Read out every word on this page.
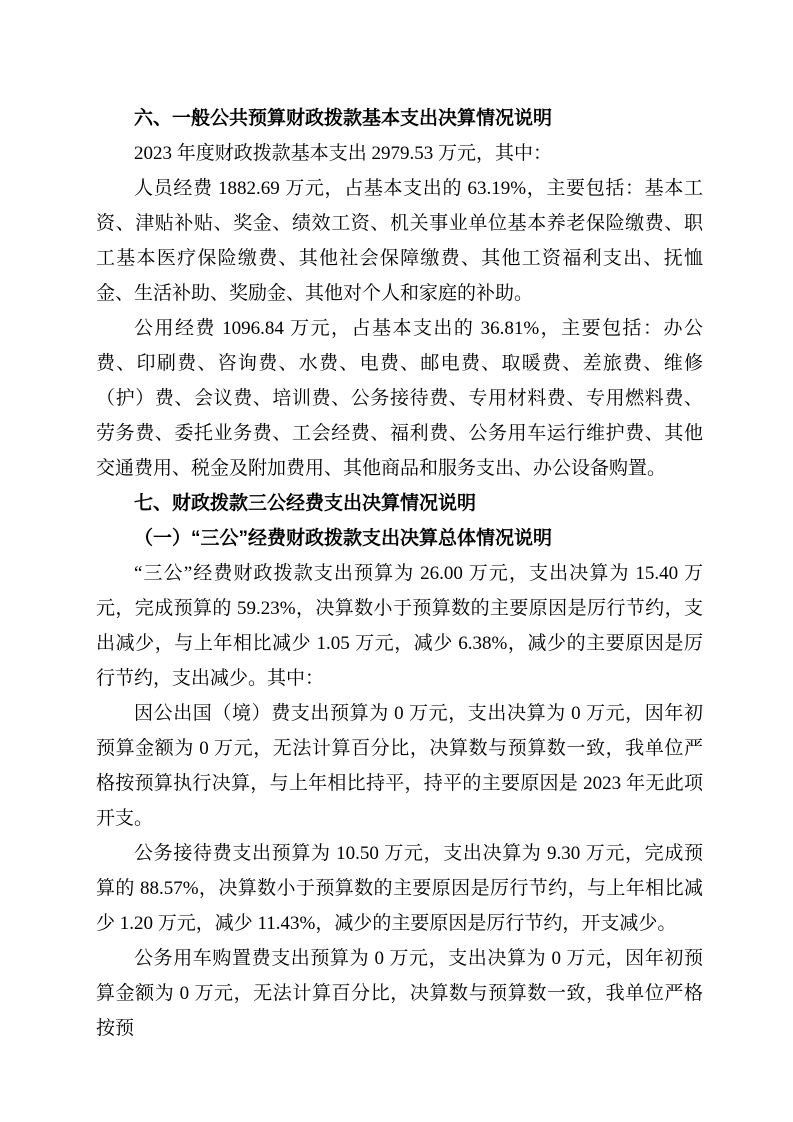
六、一般公共预算财政拨款基本支出决算情况说明

2023 年度财政拨款基本支出 2979.53 万元，其中：

人员经费 1882.69 万元，占基本支出的 63.19%，主要包括：基本工资、津贴补贴、奖金、绩效工资、机关事业单位基本养老保险缴费、职工基本医疗保险缴费、其他社会保障缴费、其他工资福利支出、抚恤金、生活补助、奖励金、其他对个人和家庭的补助。

公用经费 1096.84 万元，占基本支出的 36.81%，主要包括：办公费、印刷费、咨询费、水费、电费、邮电费、取暖费、差旅费、维修（护）费、会议费、培训费、公务接待费、专用材料费、专用燃料费、劳务费、委托业务费、工会经费、福利费、公务用车运行维护费、其他交通费用、税金及附加费用、其他商品和服务支出、办公设备购置。

七、财政拨款三公经费支出决算情况说明

（一）“三公”经费财政拨款支出决算总体情况说明

“三公”经费财政拨款支出预算为 26.00 万元，支出决算为 15.40 万元，完成预算的 59.23%，决算数小于预算数的主要原因是厉行节约，支出减少，与上年相比减少 1.05 万元，减少 6.38%，减少的主要原因是厉行节约，支出减少。其中：

因公出国（境）费支出预算为 0 万元，支出决算为 0 万元，因年初预算金额为 0 万元，无法计算百分比，决算数与预算数一致，我单位严格按预算执行决算，与上年相比持平，持平的主要原因是 2023 年无此项开支。

公务接待费支出预算为 10.50 万元，支出决算为 9.30 万元，完成预算的 88.57%，决算数小于预算数的主要原因是厉行节约，与上年相比减少 1.20 万元，减少 11.43%，减少的主要原因是厉行节约，开支减少。

公务用车购置费支出预算为 0 万元，支出决算为 0 万元，因年初预算金额为 0 万元，无法计算百分比，决算数与预算数一致，我单位严格按预
